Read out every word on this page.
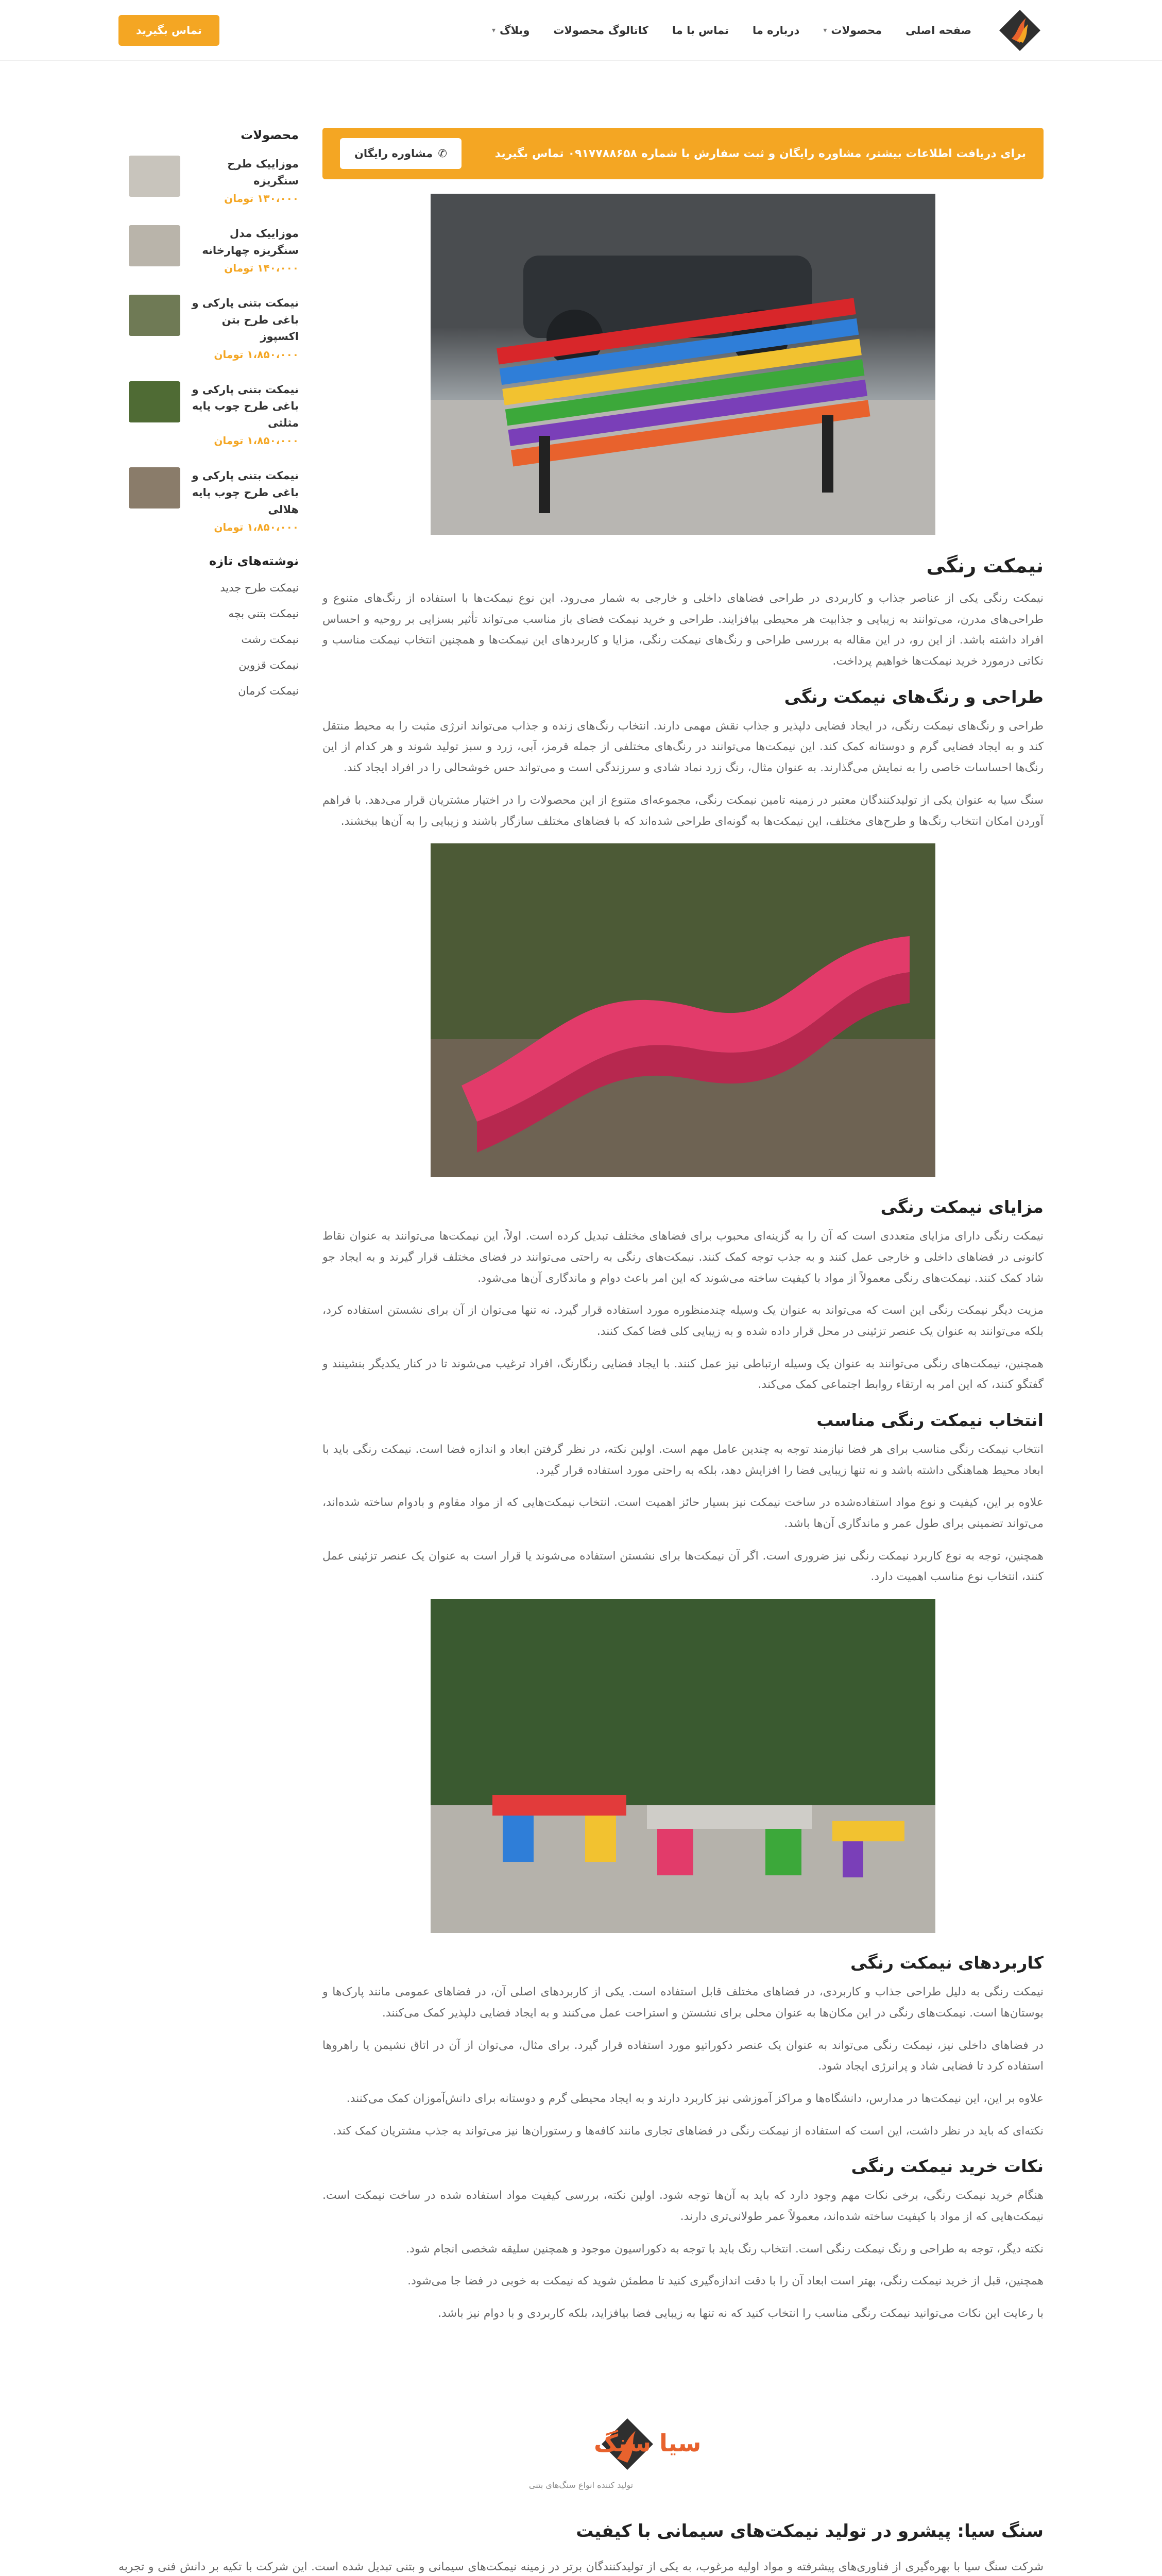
صفحه اصلی
محصولات
▾
درباره ما
تماس با ما
کاتالوگ محصولات
وبلاگ
▾
تماس بگیرید
برای دریافت اطلاعات بیشتر، مشاوره رایگان و ثبت سفارش با شماره
۰۹۱۷۷۸۸۶۵۸
تماس بگیرید
✆
مشاوره رایگان
نیمکت رنگی

نیمکت رنگی یکی از عناصر جذاب و کاربردی در طراحی فضاهای داخلی و خارجی به شمار می‌رود. این نوع نیمکت‌ها با استفاده از رنگ‌های متنوع و طراحی‌های مدرن، می‌توانند به زیبایی و جذابیت هر محیطی بیافزایند. طراحی و خرید نیمکت فضای باز مناسب می‌تواند تأثیر بسزایی بر روحیه و احساس افراد داشته باشد. از این رو، در این مقاله به بررسی طراحی و رنگ‌های نیمکت رنگی، مزایا و کاربردهای این نیمکت‌ها و همچنین انتخاب نیمکت مناسب و نکاتی درمورد خرید نیمکت‌ها خواهیم پرداخت.

طراحی و رنگ‌های نیمکت رنگی

طراحی و رنگ‌های نیمکت رنگی، در ایجاد فضایی دلپذیر و جذاب نقش مهمی دارند. انتخاب رنگ‌های زنده و جذاب می‌تواند انرژی مثبت را به محیط منتقل کند و به ایجاد فضایی گرم و دوستانه کمک کند. این نیمکت‌ها می‌توانند در رنگ‌های مختلفی از جمله قرمز، آبی، زرد و سبز تولید شوند و هر کدام از این رنگ‌ها احساسات خاصی را به نمایش می‌گذارند. به عنوان مثال، رنگ زرد نماد شادی و سرزندگی است و می‌تواند حس خوشحالی را در افراد ایجاد کند.

سنگ سیا به عنوان یکی از تولیدکنندگان معتبر در زمینه تامین نیمکت رنگی، مجموعه‌ای متنوع از این محصولات را در اختیار مشتریان قرار می‌دهد. با فراهم آوردن امکان انتخاب رنگ‌ها و طرح‌های مختلف، این نیمکت‌ها به گونه‌ای طراحی شده‌اند که با فضاهای مختلف سازگار باشند و زیبایی را به آن‌ها ببخشند.

مزایای نیمکت رنگی

نیمکت رنگی دارای مزایای متعددی است که آن را به گزینه‌ای محبوب برای فضاهای مختلف تبدیل کرده است. اولاً، این نیمکت‌ها می‌توانند به عنوان نقاط کانونی در فضاهای داخلی و خارجی عمل کنند و به جذب توجه کمک کنند. نیمکت‌های رنگی به راحتی می‌توانند در فضای مختلف قرار گیرند و به ایجاد جو شاد کمک کنند. نیمکت‌های رنگی معمولاً از مواد با کیفیت ساخته می‌شوند که این امر باعث دوام و ماندگاری آن‌ها می‌شود.

مزیت دیگر نیمکت رنگی این است که می‌تواند به عنوان یک وسیله چندمنظوره مورد استفاده قرار گیرد. نه تنها می‌توان از آن برای نشستن استفاده کرد، بلکه می‌توانند به عنوان یک عنصر تزئینی در محل قرار داده شده و به زیبایی کلی فضا کمک کنند.

همچنین، نیمکت‌های رنگی می‌توانند به عنوان یک وسیله ارتباطی نیز عمل کنند. با ایجاد فضایی رنگارنگ، افراد ترغیب می‌شوند تا در کنار یکدیگر بنشینند و گفتگو کنند، که این امر به ارتقاء روابط اجتماعی کمک می‌کند.

انتخاب نیمکت رنگی مناسب

انتخاب نیمکت رنگی مناسب برای هر فضا نیازمند توجه به چندین عامل مهم است. اولین نکته، در نظر گرفتن ابعاد و اندازه فضا است. نیمکت رنگی باید با ابعاد محیط هماهنگی داشته باشد و نه تنها زیبایی فضا را افزایش دهد، بلکه به راحتی مورد استفاده قرار گیرد.

علاوه بر این، کیفیت و نوع مواد استفاده‌شده در ساخت نیمکت نیز بسیار حائز اهمیت است. انتخاب نیمکت‌هایی که از مواد مقاوم و بادوام ساخته شده‌اند، می‌تواند تضمینی برای طول عمر و ماندگاری آن‌ها باشد.

همچنین، توجه به نوع کاربرد نیمکت رنگی نیز ضروری است. اگر آن نیمکت‌ها برای نشستن استفاده می‌شوند یا قرار است به عنوان یک عنصر تزئینی عمل کنند، انتخاب نوع مناسب اهمیت دارد.

کاربردهای نیمکت رنگی

نیمکت رنگی به دلیل طراحی جذاب و کاربردی، در فضاهای مختلف قابل استفاده است. یکی از کاربردهای اصلی آن، در فضاهای عمومی مانند پارک‌ها و بوستان‌ها است. نیمکت‌های رنگی در این مکان‌ها به عنوان محلی برای نشستن و استراحت عمل می‌کنند و به ایجاد فضایی دلپذیر کمک می‌کنند.

در فضاهای داخلی نیز، نیمکت رنگی می‌تواند به عنوان یک عنصر دکوراتیو مورد استفاده قرار گیرد. برای مثال، می‌توان از آن در اتاق نشیمن یا راهروها استفاده کرد تا فضایی شاد و پرانرژی ایجاد شود.

علاوه بر این، این نیمکت‌ها در مدارس، دانشگاه‌ها و مراکز آموزشی نیز کاربرد دارند و به ایجاد محیطی گرم و دوستانه برای دانش‌آموزان کمک می‌کنند.

نکته‌ای که باید در نظر داشت، این است که استفاده از نیمکت رنگی در فضاهای تجاری مانند کافه‌ها و رستوران‌ها نیز می‌تواند به جذب مشتریان کمک کند.

نکات خرید نیمکت رنگی

هنگام خرید نیمکت رنگی، برخی نکات مهم وجود دارد که باید به آن‌ها توجه شود. اولین نکته، بررسی کیفیت مواد استفاده شده در ساخت نیمکت است. نیمکت‌هایی که از مواد با کیفیت ساخته شده‌اند، معمولاً عمر طولانی‌تری دارند.

نکته دیگر، توجه به طراحی و رنگ نیمکت رنگی است. انتخاب رنگ باید با توجه به دکوراسیون موجود و همچنین سلیقه شخصی انجام شود.

همچنین، قبل از خرید نیمکت رنگی، بهتر است ابعاد آن را با دقت اندازه‌گیری کنید تا مطمئن شوید که نیمکت به خوبی در فضا جا می‌شود.

با رعایت این نکات می‌توانید نیمکت رنگی مناسب را انتخاب کنید که نه تنها به زیبایی فضا بیافزاید، بلکه کاربردی و با دوام نیز باشد.

محصولات
موزاییک طرح سنگریزه
۱۳۰،۰۰۰ تومان
موزاییک مدل سنگریزه چهارخانه
۱۴۰،۰۰۰ تومان
نیمکت بتنی پارکی و باغی طرح بتن اکسپوز
۱،۸۵۰،۰۰۰ تومان
نیمکت بتنی پارکی و باغی طرح چوب پایه مثلثی
۱،۸۵۰،۰۰۰ تومان
نیمکت بتنی پارکی و باغی طرح چوب پایه هلالی
۱،۸۵۰،۰۰۰ تومان
نوشته‌های تازه
نیمکت طرح جدید
نیمکت بتنی بچه
نیمکت رشت
نیمکت قزوین
نیمکت کرمان
سیا سنگ
تولید کننده انواع سنگ‌های بتنی
سنگ سیا: پیشرو در تولید نیمکت‌های سیمانی با کیفیت

شرکت سنگ سیا با بهره‌گیری از فناوری‌های پیشرفته و مواد اولیه مرغوب، به یکی از تولیدکنندگان برتر در زمینه نیمکت‌های سیمانی و بتنی تبدیل شده است. این شرکت با تکیه بر دانش فنی و تجربه
